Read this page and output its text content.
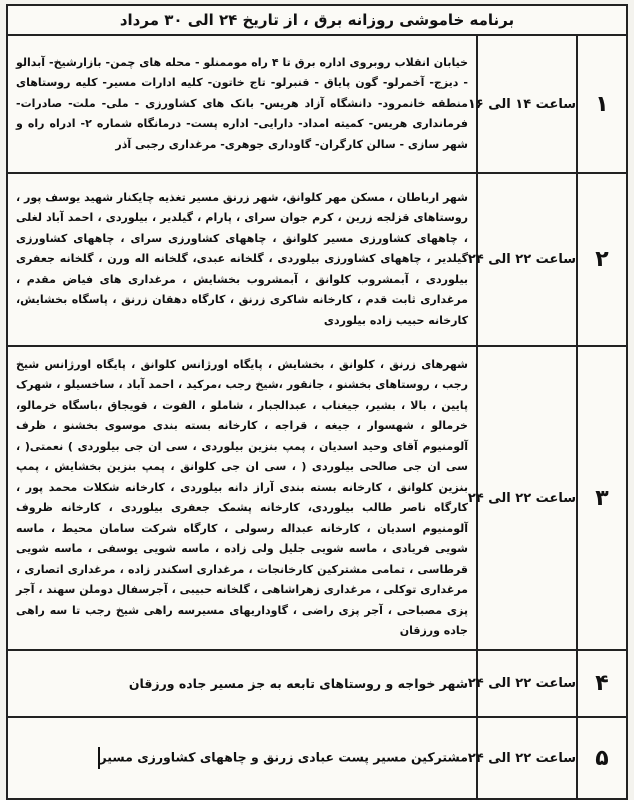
برنامه خاموشی روزانه برق ، از تاریخ ۲۴ الی ۳۰ مرداد
۱	ساعت ۱۴ الی ۱۶	خیابان انقلاب روبروی اداره برق تا ۴ راه موممنلو - محله های چمن- بازارشیخ- آبدالو - دیزج- آخمرلو- گون پایاق - قنبرلو- تاج خاتون- کلیه ادارات مسیر- کلیه روستاهای منطقه خانمرود- دانشگاه آزاد هریس- بانک های کشاورزی - ملی- ملت- صادرات- فرمانداری هریس- کمیته امداد- دارایی- اداره پست- درمانگاه شماره ۲- ادراه راه و شهر سازی - سالن کارگران- گاوداری جوهری- مرغداری رجبی آذر
۲	ساعت ۲۲ الی ۲۴	شهر ارباطان ، مسکن مهر کلوانق، شهر زرنق مسیر تغذیه چایکنار شهید یوسف پور ، روستاهای قزلجه زرین ، کرم جوان سرای ، پارام ، گیلدیر ، بیلوردی ، احمد آباد لغلی ، چاههای کشاورزی مسیر کلوانق ، چاههای کشاورزی سرای ، چاههای کشاورزی گیلدیر ، چاههای کشاورزی بیلوردی ، گلخانه عبدی، گلخانه اله ورن ، گلخانه جعفری بیلوردی ، آبمشروب کلوانق ، آبمشروب بخشایش ، مرغداری های فیاض مقدم ، مرغداری ثابت قدم ، کارخانه شاکری زرنق ، کارگاه دهقان زرنق ، پاسگاه بخشایش، کارخانه حبیب زاده بیلوردی
۳	ساعت ۲۲ الی ۲۴	شهرهای زرنق ، کلوانق ، بخشایش ، پایگاه اورژانس کلوانق ، پایگاه اورژانس شیخ رجب ، روستاهای بخشنو ، جانقور ،شیخ رجب ،مرکید ، احمد آباد ، ساخسیلو ، شهرک پایین ، بالا ، بشیر، جیغناب ، عبدالجبار ، شاملو ، الفوت ، قویجاق ،باسگاه خرمالو، خرمالو ، شهسوار ، جیغه ، قراجه ، کارخانه بسته بندی موسوی بخشنو ، ظرف آلومنیوم آقای وحید اسدیان ، پمپ بنزین بیلوردی ، سی ان جی بیلوردی ) نعمتی( ، سی ان جی صالحی بیلوردی ( ، سی ان جی کلوانق ، پمپ بنزین بخشایش ، پمپ بنزین کلوانق ، کارخانه بسته بندی آراز دانه بیلوردی ، کارخانه شکلات محمد پور ، کارگاه ناصر طالب بیلوردی، کارخانه پشمک جعفری بیلوردی ، کارخانه ظروف آلومنیوم اسدیان ، کارخانه عبداله رسولی ، کارگاه شرکت سامان محیط ، ماسه شویی فریادی ، ماسه شویی جلیل ولی زاده ، ماسه شویی یوسفی ، ماسه شویی قرطاسی ، تمامی مشترکین کارخانجات ، مرغداری اسکندر زاده ، مرغداری اتصاری ، مرغداری توکلی ، مرغداری زهراشاهی ، گلخانه حبیبی ، آجرسفال دوملن سهند ، آجر پزی مصباحی ، آجر پزی راضی ، گاوداریهای مسیرسه راهی شیخ رجب تا سه راهی جاده ورزقان
۴	ساعت ۲۲ الی ۲۴	شهر خواجه و روستاهای تابعه به جز مسیر جاده ورزقان
۵	ساعت ۲۲ الی ۲۴	مشترکین مسیر پست عبادی زرنق و چاههای کشاورزی مسیر
